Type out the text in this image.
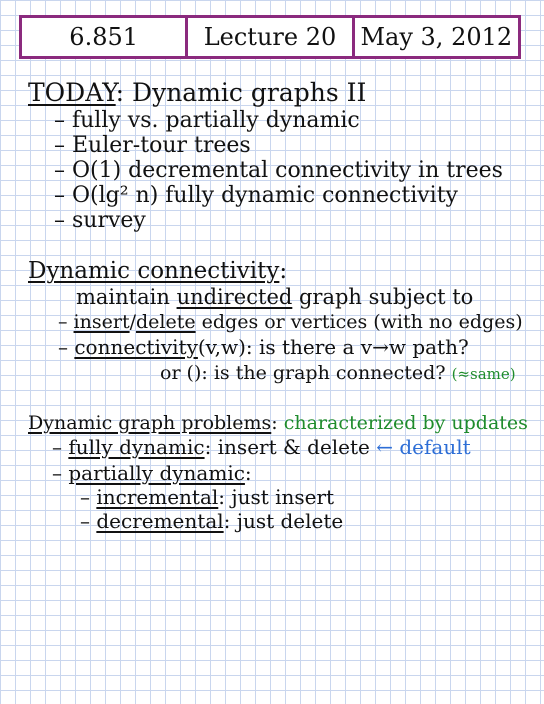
6.851	Lecture 20	May 3, 2012
TODAY: Dynamic graphs II
– fully vs. partially dynamic
– Euler-tour trees
– O(1) decremental connectivity in trees
– O(lg² n) fully dynamic connectivity
– survey
Dynamic connectivity:
maintain undirected graph subject to
– insert/delete edges or vertices (with no edges)
– connectivity(v,w): is there a v→w path?
or (): is the graph connected? (≈same)
Dynamic graph problems: characterized by updates
– fully dynamic: insert & delete ← default
– partially dynamic:
– incremental: just insert
– decremental: just delete
